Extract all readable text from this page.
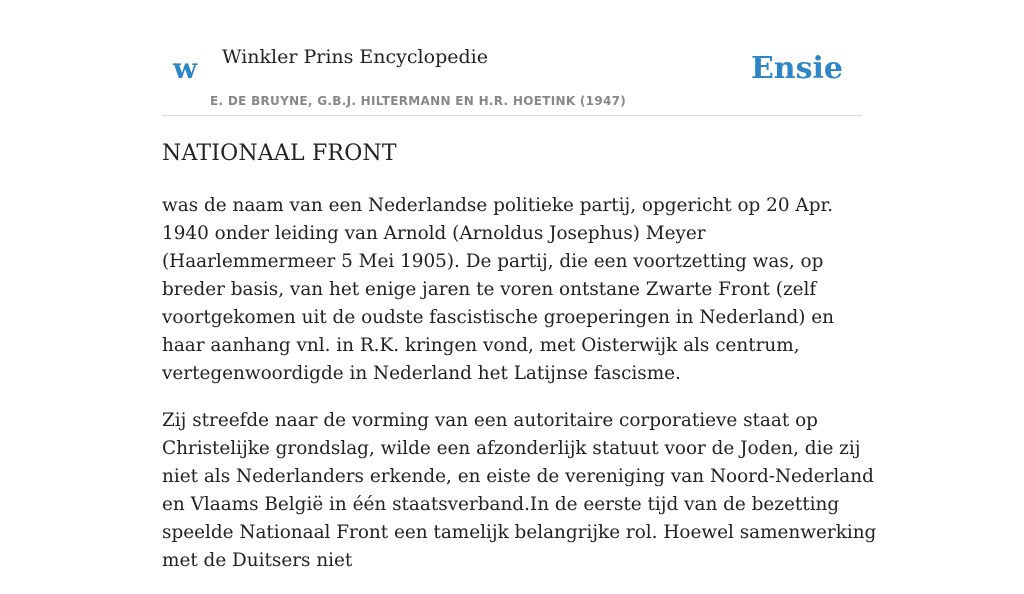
w Winkler Prins Encyclopedie
E. DE BRUYNE, G.B.J. HILTERMANN EN H.R. HOETINK (1947)
Ensie
NATIONAAL FRONT

was de naam van een Nederlandse politieke partij, opgericht op 20 Apr. 1940 onder leiding van Arnold (Arnoldus Josephus) Meyer (Haarlemmermeer 5 Mei 1905). De partij, die een voortzetting was, op breder basis, van het enige jaren te voren ontstane Zwarte Front (zelf voortgekomen uit de oudste fascistische groeperingen in Nederland) en haar aanhang vnl. in R.K. kringen vond, met Oisterwijk als centrum, vertegenwoordigde in Nederland het Latijnse fascisme.

Zij streefde naar de vorming van een autoritaire corporatieve staat op Christelijke grondslag, wilde een afzonderlijk statuut voor de Joden, die zij niet als Nederlanders erkende, en eiste de vereniging van Noord-Nederland en Vlaams België in één staatsverband.In de eerste tijd van de bezetting speelde Nationaal Front een tamelijk belangrijke rol. Hoewel samenwerking met de Duitsers niet
